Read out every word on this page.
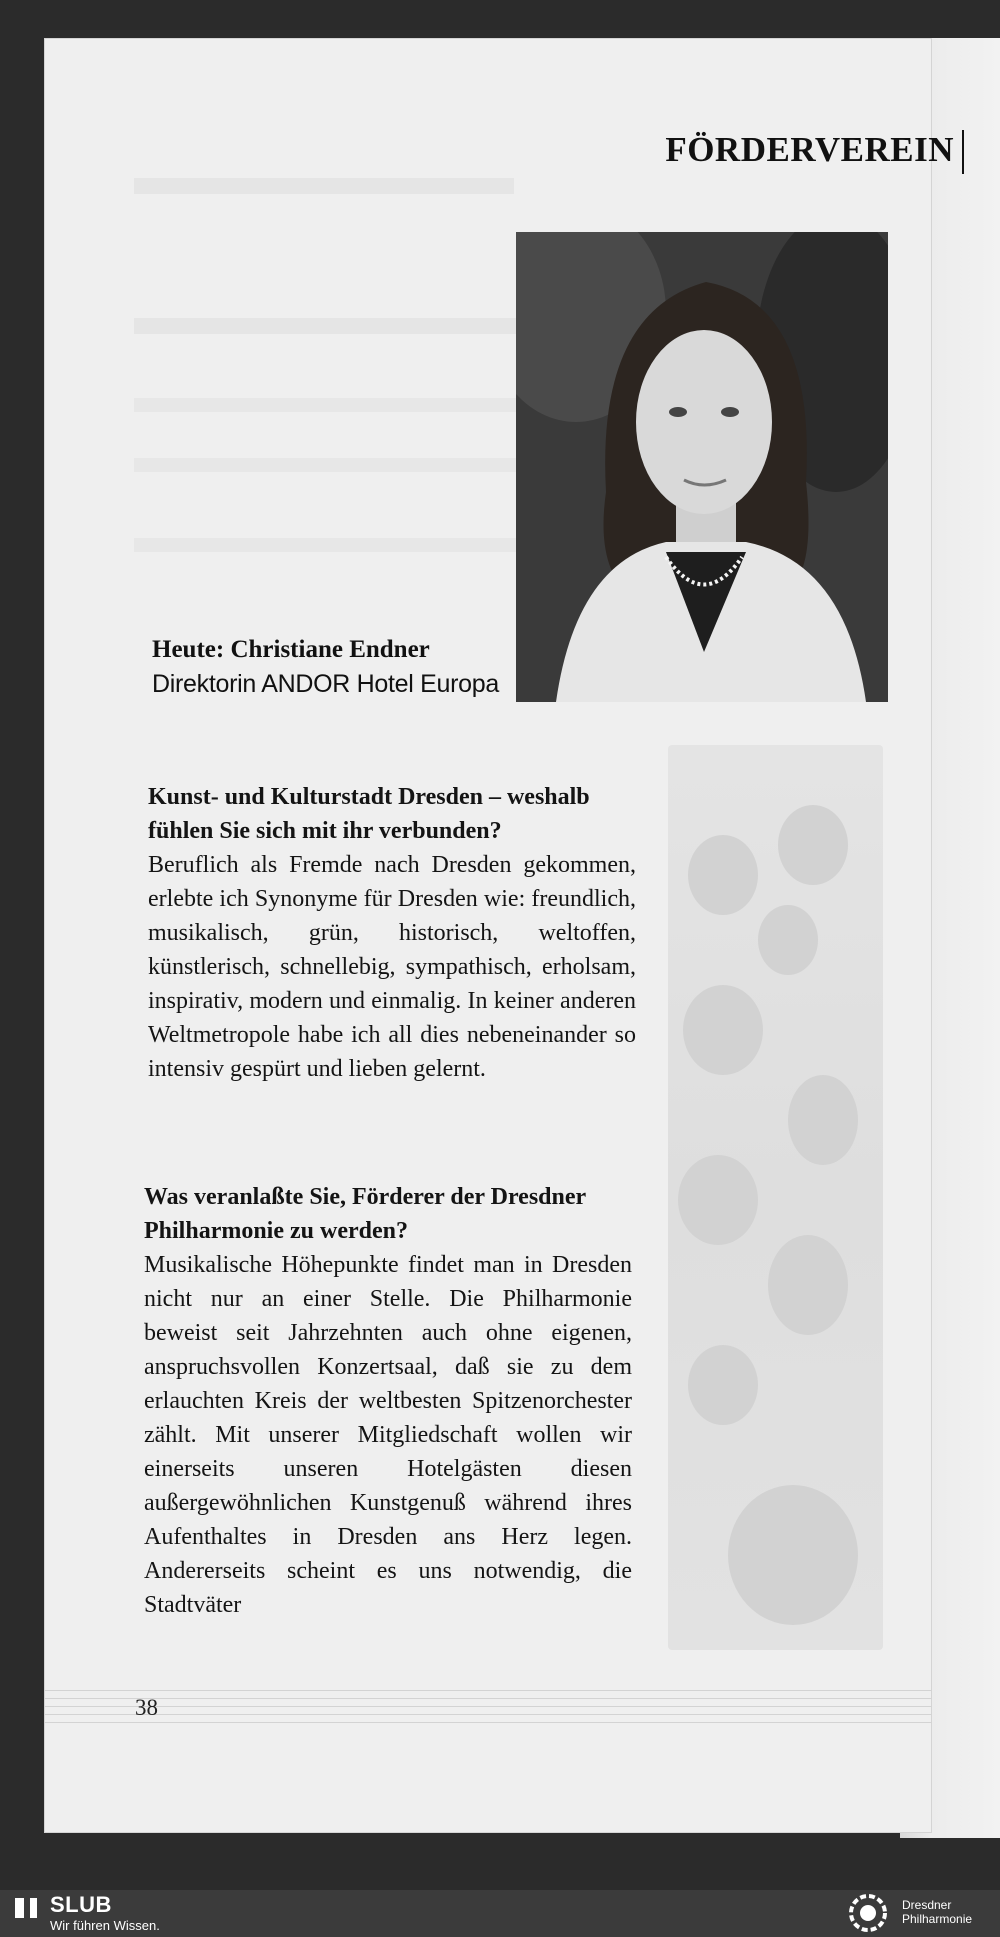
FÖRDERVEREIN
Heute: Christiane Endner
Direktorin ANDOR Hotel Europa

Kunst- und Kulturstadt Dresden – weshalb fühlen Sie sich mit ihr verbunden?

Beruflich als Fremde nach Dresden gekommen, erlebte ich Synonyme für Dresden wie: freundlich, musikalisch, grün, historisch, weltoffen, künstlerisch, schnellebig, sympathisch, erholsam, inspirativ, modern und einmalig. In keiner anderen Weltmetropole habe ich all dies nebeneinander so intensiv gespürt und lieben gelernt.

Was veranlaßte Sie, Förderer der Dresdner Philharmonie zu werden?

Musikalische Höhepunkte findet man in Dresden nicht nur an einer Stelle. Die Philharmonie beweist seit Jahrzehnten auch ohne eigenen, anspruchsvollen Konzertsaal, daß sie zu dem erlauchten Kreis der weltbesten Spitzenorchester zählt. Mit unserer Mitgliedschaft wollen wir einerseits unseren Hotelgästen diesen außergewöhnlichen Kunstgenuß während ihres Aufenthaltes in Dresden ans Herz legen. Andererseits scheint es uns notwendig, die Stadtväter

38
SLUB
Wir führen Wissen.
Dresdner
Philharmonie
